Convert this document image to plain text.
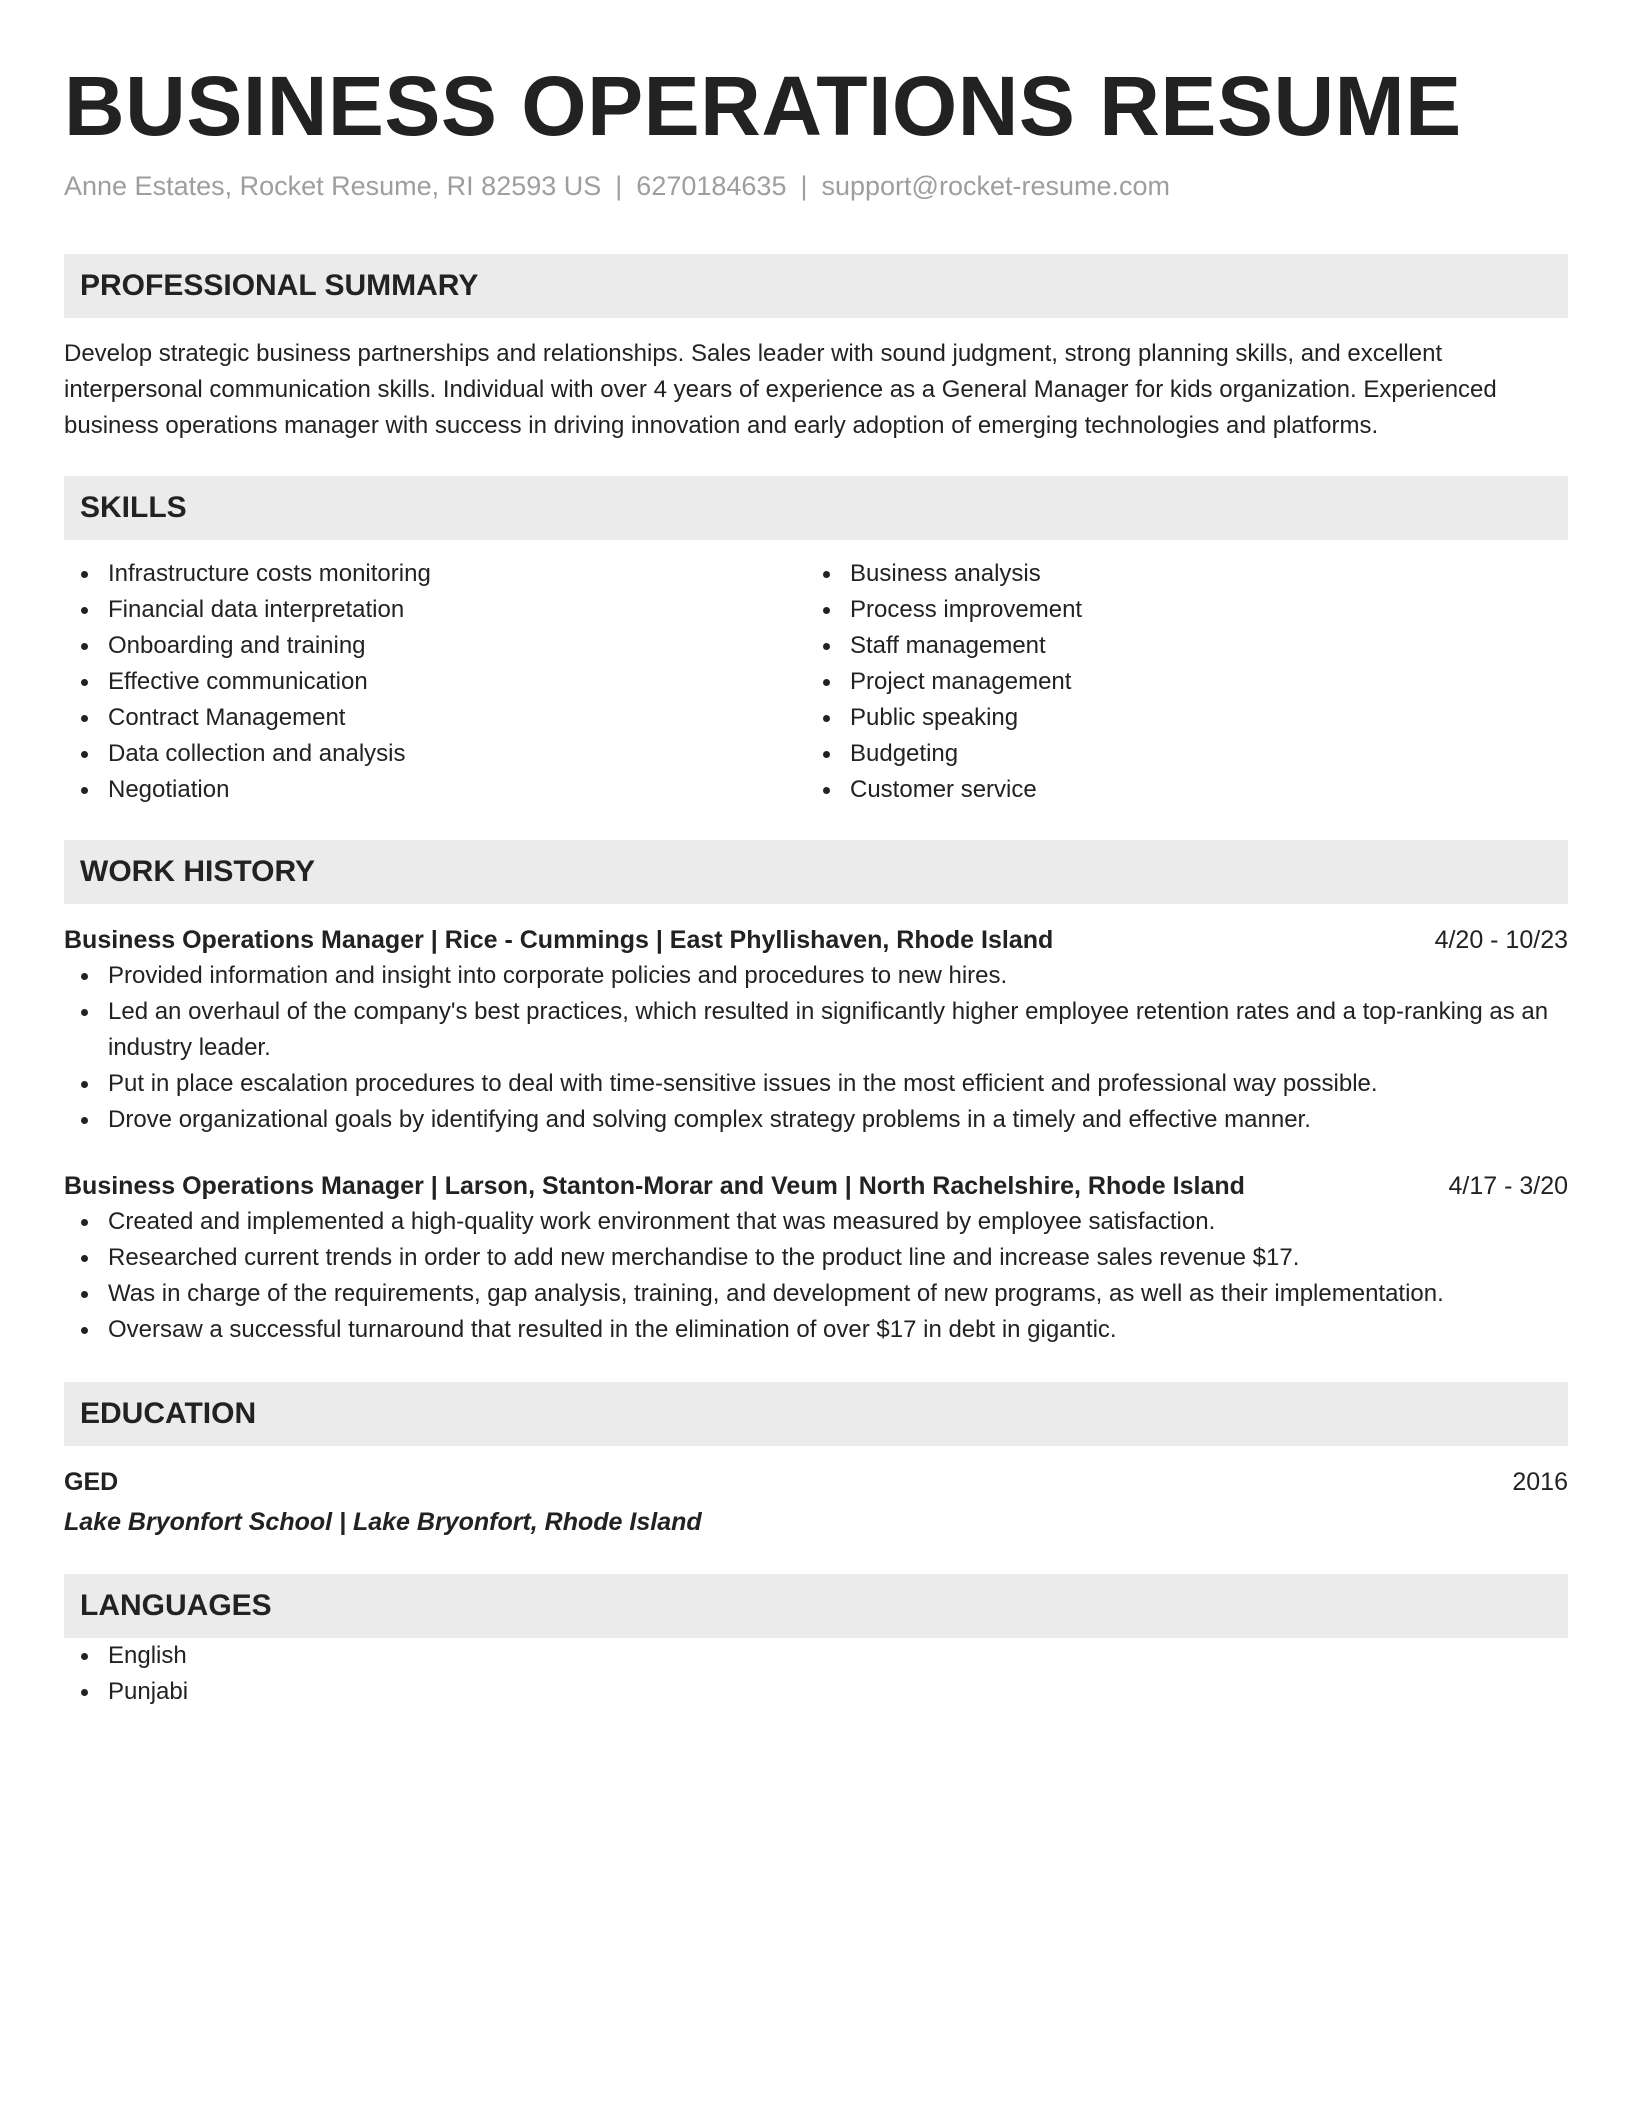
BUSINESS OPERATIONS RESUME
Anne Estates, Rocket Resume, RI 82593 US | 6270184635 | support@rocket-resume.com
PROFESSIONAL SUMMARY

Develop strategic business partnerships and relationships. Sales leader with sound judgment, strong planning skills, and excellent interpersonal communication skills. Individual with over 4 years of experience as a General Manager for kids organization. Experienced business operations manager with success in driving innovation and early adoption of emerging technologies and platforms.

SKILLS
Infrastructure costs monitoring
Financial data interpretation
Onboarding and training
Effective communication
Contract Management
Data collection and analysis
Negotiation
Business analysis
Process improvement
Staff management
Project management
Public speaking
Budgeting
Customer service
WORK HISTORY
Business Operations Manager | Rice - Cummings | East Phyllishaven, Rhode Island	4/20 - 10/23
Provided information and insight into corporate policies and procedures to new hires.
Led an overhaul of the company's best practices, which resulted in significantly higher employee retention rates and a top-ranking as an industry leader.
Put in place escalation procedures to deal with time-sensitive issues in the most efficient and professional way possible.
Drove organizational goals by identifying and solving complex strategy problems in a timely and effective manner.
Business Operations Manager | Larson, Stanton-Morar and Veum | North Rachelshire, Rhode Island	4/17 - 3/20
Created and implemented a high-quality work environment that was measured by employee satisfaction.
Researched current trends in order to add new merchandise to the product line and increase sales revenue $17.
Was in charge of the requirements, gap analysis, training, and development of new programs, as well as their implementation.
Oversaw a successful turnaround that resulted in the elimination of over $17 in debt in gigantic.
EDUCATION
GED	2016
Lake Bryonfort School | Lake Bryonfort, Rhode Island
LANGUAGES
English
Punjabi
